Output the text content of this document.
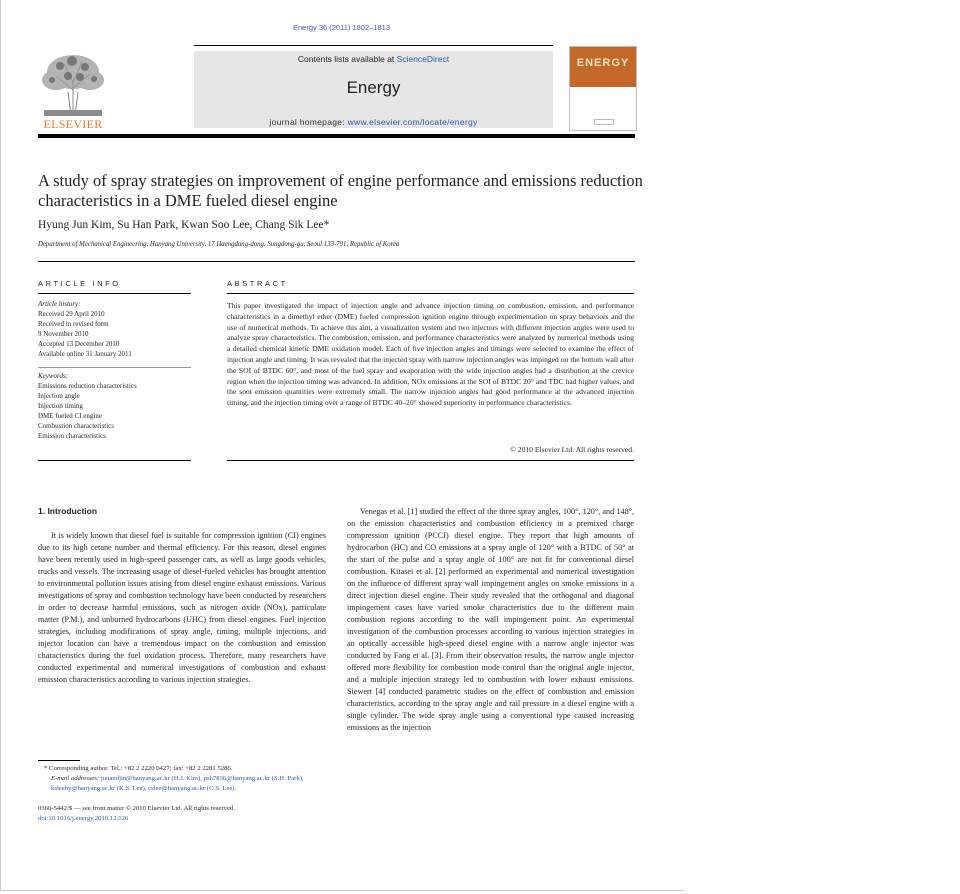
Energy 36 (2011) 1802–1813
ELSEVIER
Contents lists available at ScienceDirect
Energy
journal homepage: www.elsevier.com/locate/energy
ENERGY
A study of spray strategies on improvement of engine performance and emissions reduction characteristics in a DME fueled diesel engine
Hyung Jun Kim, Su Han Park, Kwan Soo Lee, Chang Sik Lee*
Department of Mechanical Engineering, Hanyang University, 17 Haengdang-dong, Sungdong-gu, Seoul 133-791, Republic of Korea
ARTICLE INFO
Article history:
Received 29 April 2010
Received in revised form
9 November 2010
Accepted 13 December 2010
Available online 31 January 2011
Keywords:
Emissions reduction characteristics
Injection angle
Injection timing
DME fueled CI engine
Combustion characteristics
Emission characteristics
ABSTRACT
This paper investigated the impact of injection angle and advance injection timing on combustion, emission, and performance characteristics in a dimethyl ether (DME) fueled compression ignition engine through experimentation on spray behaviors and the use of numerical methods. To achieve this aim, a visualization system and two injectors with different injection angles were used to analyze spray characteristics. The combustion, emission, and performance characteristics were analyzed by numerical methods using a detailed chemical kinetic DME oxidation model. Each of five injection angles and timings were selected to examine the effect of injection angle and timing. It was revealed that the injected spray with narrow injection angles was impinged on the bottom wall after the SOI of BTDC 60°, and most of the fuel spray and evaporation with the wide injection angles had a distribution at the crevice region when the injection timing was advanced. In addition, NOx emissions at the SOI of BTDC 20° and TDC had higher values, and the soot emission quantities were extremely small. The narrow injection angles had good performance at the advanced injection timing, and the injection timing over a range of BTDC 40–20° showed superiority in performance characteristics.
© 2010 Elsevier Ltd. All rights reserved.
1. Introduction
It is widely known that diesel fuel is suitable for compression ignition (CI) engines due to its high cetane number and thermal efficiency. For this reason, diesel engines have been recently used in high-speed passenger cars, as well as large goods vehicles, trucks and vessels. The increasing usage of diesel-fueled vehicles has brought attention to environmental pollution issues arising from diesel engine exhaust emissions. Various investigations of spray and combustion technology have been conducted by researchers in order to decrease harmful emissions, such as nitrogen oxide (NOx), particulate matter (P.M.), and unburned hydrocarbons (UHC) from diesel engines. Fuel injection strategies, including modifications of spray angle, timing, multiple injections, and injector location can have a tremendous impact on the combustion and emission characteristics during the fuel oxidation process. Therefore, many researchers have conducted experimental and numerical investigations of combustion and exhaust emission characteristics according to various injection strategies.
Venegas et al. [1] studied the effect of the three spray angles, 100°, 120°, and 148°, on the emission characteristics and combustion efficiency in a premixed charge compression ignition (PCCI) diesel engine. They report that high amounts of hydrocarbon (HC) and CO emissions at a spray angle of 120° with a BTDC of 50° at the start of the pulse and a spray angle of 100° are not fit for conventional diesel combustion. Kitasei et al. [2] performed an experimental and numerical investigation on the influence of different spray wall impingement angles on smoke emissions in a direct injection diesel engine. Their study revealed that the orthogonal and diagonal impingement cases have varied smoke characteristics due to the different main combustion regions according to the wall impingement point. An experimental investigation of the combustion processes according to various injection strategies in an optically accessible high-speed diesel engine with a narrow angle injector was conducted by Fang et al. [3]. From their observation results, the narrow angle injector offered more flexibility for combustion mode control than the original angle injector, and a multiple injection strategy led to combustion with lower exhaust emissions. Siewert [4] conducted parametric studies on the effect of combustion and emission characteristics, according to the spray angle and rail pressure in a diesel engine with a single cylinder. The wide spray angle using a conventional type caused increasing emissions as the injection
* Corresponding author. Tel.: +82 2 2220 0427; fax: +82 2 2281 5286.
E-mail addresses: junandjin@hanyang.ac.kr (H.J. Kim), psh7836@hanyang.ac.kr (S.H. Park), ksleehy@hanyang.ac.kr (K.S. Lee), cslee@hanyang.ac.kr (C.S. Lee).
0360-5442/$ — see front matter © 2010 Elsevier Ltd. All rights reserved.
doi:10.1016/j.energy.2010.12.026
